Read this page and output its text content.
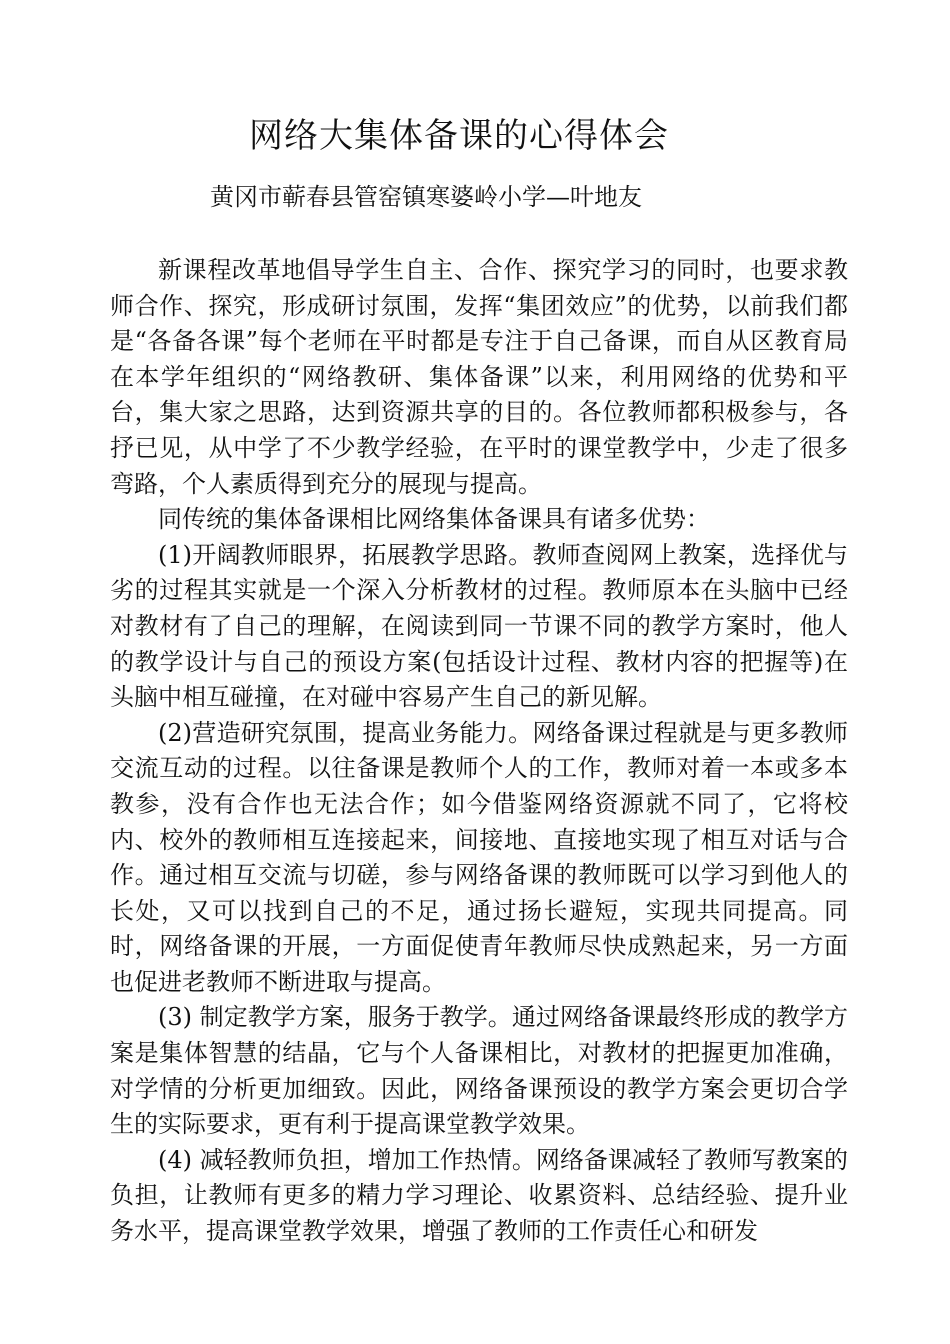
网络大集体备课的心得体会

黄冈市蕲春县管窑镇寒婆岭小学—叶地友

新课程改革地倡导学生自主、合作、探究学习的同时，也要求教师合作、探究，形成研讨氛围，发挥“集团效应”的优势，以前我们都是“各备各课”每个老师在平时都是专注于自己备课，而自从区教育局在本学年组织的“网络教研、集体备课”以来，利用网络的优势和平台，集大家之思路，达到资源共享的目的。各位教师都积极参与，各抒已见，从中学了不少教学经验，在平时的课堂教学中，少走了很多弯路，个人素质得到充分的展现与提高。

同传统的集体备课相比网络集体备课具有诸多优势：

(1)开阔教师眼界，拓展教学思路。教师查阅网上教案，选择优与劣的过程其实就是一个深入分析教材的过程。教师原本在头脑中已经对教材有了自己的理解，在阅读到同一节课不同的教学方案时，他人的教学设计与自己的预设方案(包括设计过程、教材内容的把握等)在头脑中相互碰撞，在对碰中容易产生自己的新见解。

(2)营造研究氛围，提高业务能力。网络备课过程就是与更多教师交流互动的过程。以往备课是教师个人的工作，教师对着一本或多本教参，没有合作也无法合作；如今借鉴网络资源就不同了，它将校内、校外的教师相互连接起来，间接地、直接地实现了相互对话与合作。通过相互交流与切磋，参与网络备课的教师既可以学习到他人的长处，又可以找到自己的不足，通过扬长避短，实现共同提高。同时，网络备课的开展，一方面促使青年教师尽快成熟起来，另一方面也促进老教师不断进取与提高。

(3) 制定教学方案，服务于教学。通过网络备课最终形成的教学方案是集体智慧的结晶，它与个人备课相比，对教材的把握更加准确，对学情的分析更加细致。因此，网络备课预设的教学方案会更切合学生的实际要求，更有利于提高课堂教学效果。

(4) 减轻教师负担，增加工作热情。网络备课减轻了教师写教案的负担，让教师有更多的精力学习理论、收累资料、总结经验、提升业务水平，提高课堂教学效果，增强了教师的工作责任心和研发
